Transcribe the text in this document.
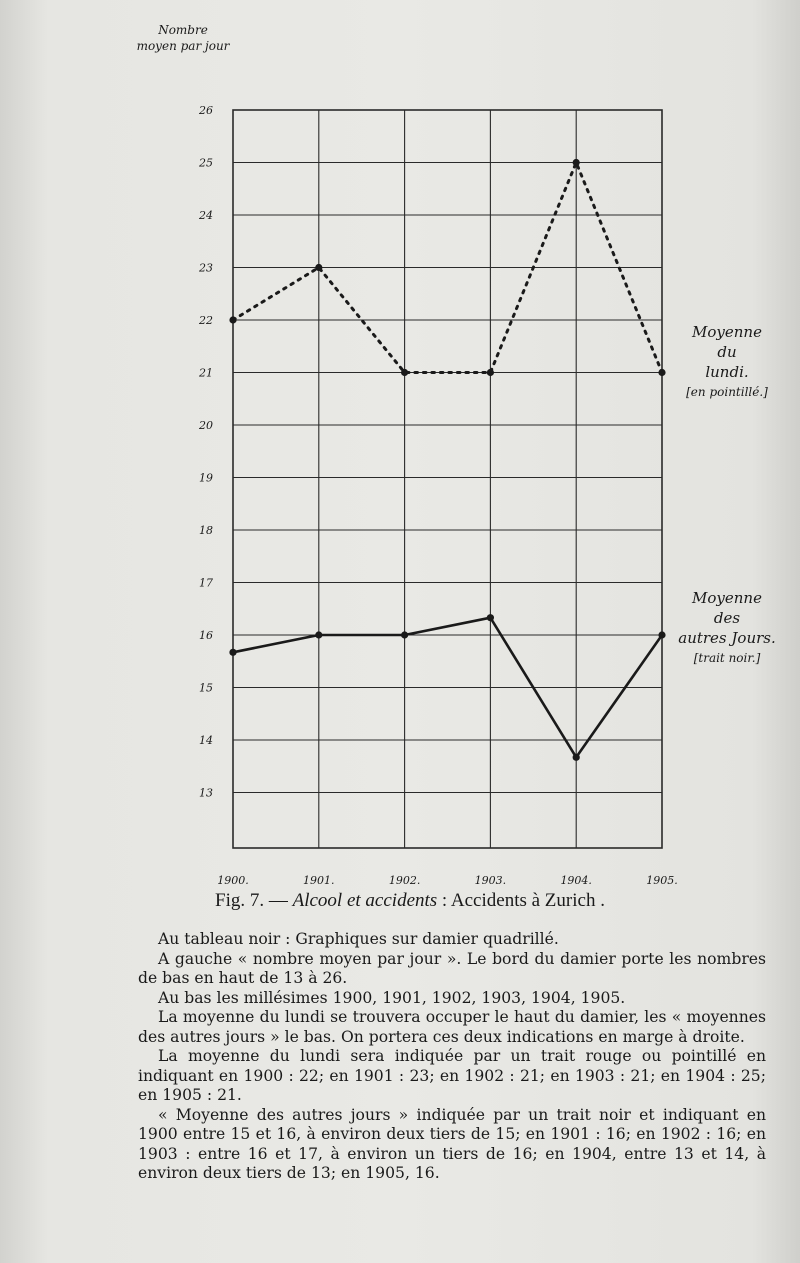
Nombre
moyen par jour
26
25
24
23
22
21
20
19
18
17
16
15
14
13
1900.	1901.	1902.	1903.	1904.	1905.
Moyenne
du
lundi.
[en pointillé.]
Moyenne
des
autres Jours.
[trait noir.]
Fig. 7. — Alcool et accidents : Accidents à Zurich .

Au tableau noir : Graphiques sur damier quadrillé.

A gauche « nombre moyen par jour ». Le bord du damier porte les nombres de bas en haut de 13 à 26.

Au bas les millésimes 1900, 1901, 1902, 1903, 1904, 1905.

La moyenne du lundi se trouvera occuper le haut du damier, les « moyennes des autres jours » le bas. On portera ces deux indications en marge à droite.

La moyenne du lundi sera indiquée par un trait rouge ou pointillé en indiquant en 1900 : 22; en 1901 : 23; en 1902 : 21; en 1903 : 21; en 1904 : 25; en 1905 : 21.

« Moyenne des autres jours » indiquée par un trait noir et indiquant en 1900 entre 15 et 16, à environ deux tiers de 15; en 1901 : 16; en 1902 : 16; en 1903 : entre 16 et 17, à environ un tiers de 16; en 1904, entre 13 et 14, à environ deux tiers de 13; en 1905, 16.
